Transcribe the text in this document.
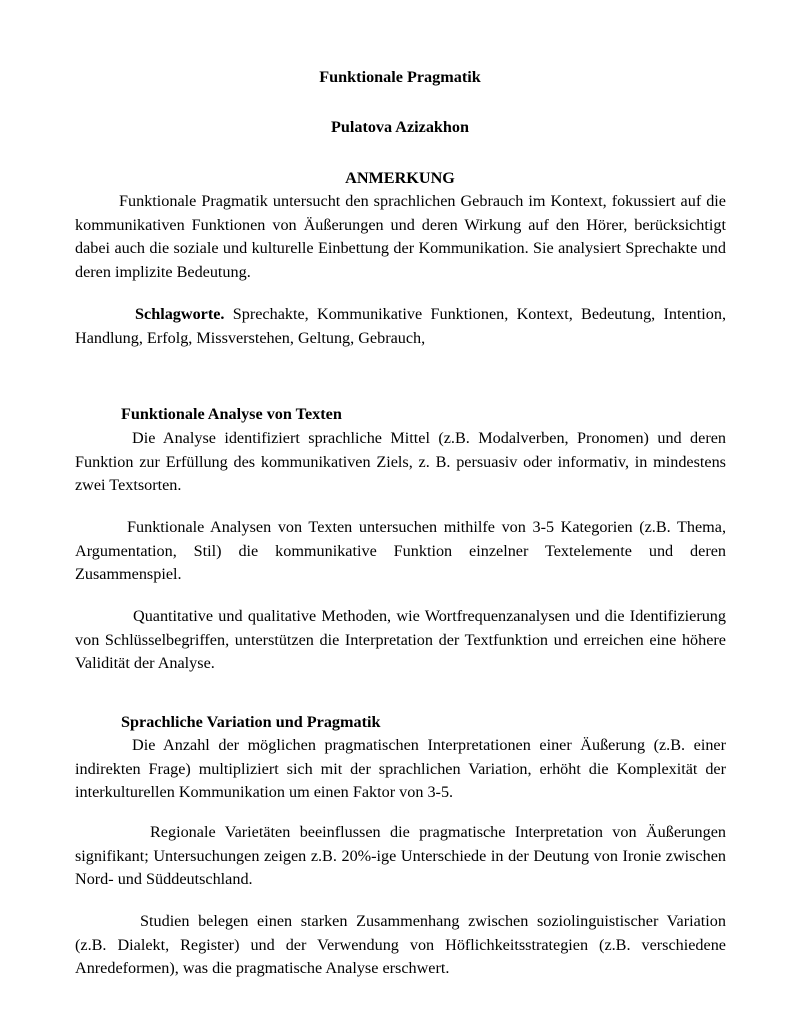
Funktionale Pragmatik
Pulatova Azizakhon
ANMERKUNG
Funktionale Pragmatik untersucht den sprachlichen Gebrauch im Kontext, fokussiert auf die kommunikativen Funktionen von Äußerungen und deren Wirkung auf den Hörer, berücksichtigt dabei auch die soziale und kulturelle Einbettung der Kommunikation. Sie analysiert Sprechakte und deren implizite Bedeutung.
Schlagworte. Sprechakte, Kommunikative Funktionen, Kontext, Bedeutung, Intention, Handlung, Erfolg, Missverstehen, Geltung, Gebrauch,
Funktionale Analyse von Texten
Die Analyse identifiziert sprachliche Mittel (z.B. Modalverben, Pronomen) und deren Funktion zur Erfüllung des kommunikativen Ziels, z. B. persuasiv oder informativ, in mindestens zwei Textsorten.
Funktionale Analysen von Texten untersuchen mithilfe von 3-5 Kategorien (z.B. Thema, Argumentation, Stil) die kommunikative Funktion einzelner Textelemente und deren Zusammenspiel.
Quantitative und qualitative Methoden, wie Wortfrequenzanalysen und die Identifizierung von Schlüsselbegriffen, unterstützen die Interpretation der Textfunktion und erreichen eine höhere Validität der Analyse.
Sprachliche Variation und Pragmatik
Die Anzahl der möglichen pragmatischen Interpretationen einer Äußerung (z.B. einer indirekten Frage) multipliziert sich mit der sprachlichen Variation, erhöht die Komplexität der interkulturellen Kommunikation um einen Faktor von 3-5.
Regionale Varietäten beeinflussen die pragmatische Interpretation von Äußerungen signifikant; Untersuchungen zeigen z.B. 20%-ige Unterschiede in der Deutung von Ironie zwischen Nord- und Süddeutschland.
Studien belegen einen starken Zusammenhang zwischen soziolinguistischer Variation (z.B. Dialekt, Register) und der Verwendung von Höflichkeitsstrategien (z.B. verschiedene Anredeformen), was die pragmatische Analyse erschwert.
